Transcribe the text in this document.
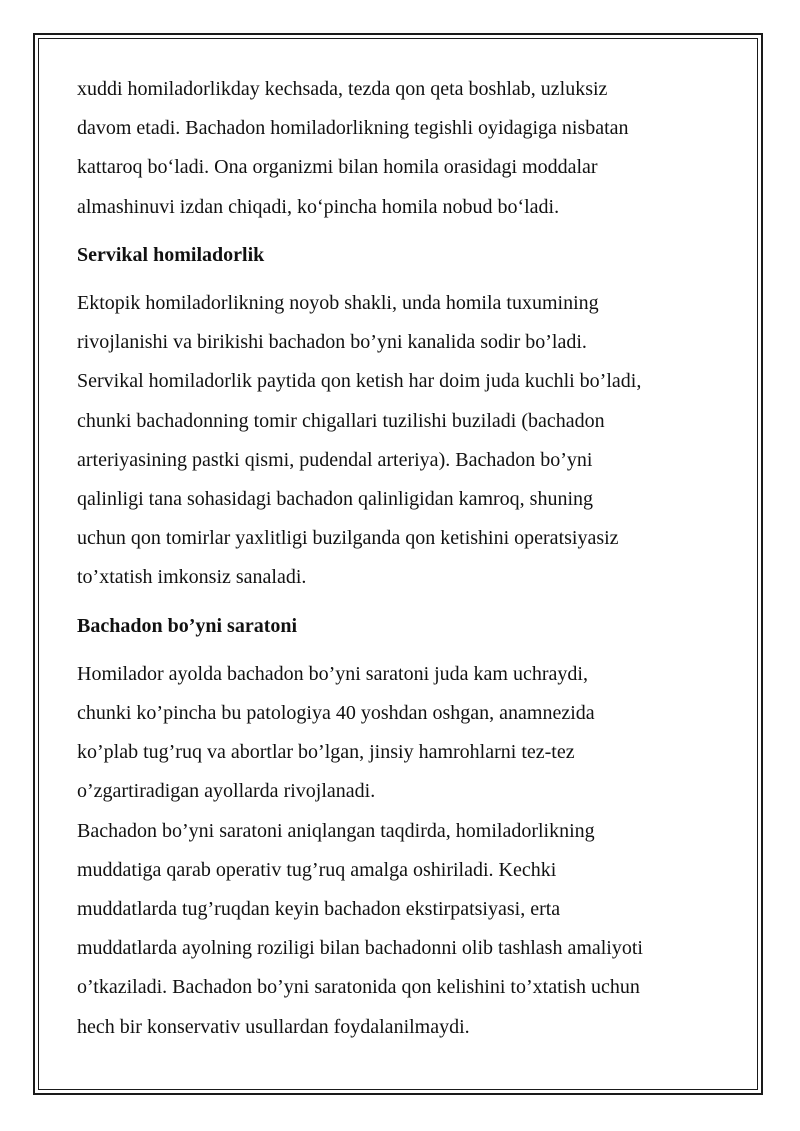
xuddi homiladorlikday kechsada, tezda qon qeta boshlab, uzluksiz
davom etadi. Bachadon homiladorlikning tegishli oyidagiga nisbatan
kattaroq bo‘ladi. Ona organizmi bilan homila orasidagi moddalar
almashinuvi izdan chiqadi, ko‘pincha homila nobud bo‘ladi.
Servikal homiladorlik
Ektopik homiladorlikning noyob shakli, unda homila tuxumining
rivojlanishi va birikishi bachadon bo’yni kanalida sodir bo’ladi.
Servikal homiladorlik paytida qon ketish har doim juda kuchli bo’ladi,
chunki bachadonning tomir chigallari tuzilishi buziladi (bachadon
arteriyasining pastki qismi, pudendal arteriya). Bachadon bo’yni
qalinligi tana sohasidagi bachadon qalinligidan kamroq, shuning
uchun qon tomirlar yaxlitligi buzilganda qon ketishini operatsiyasiz
to’xtatish imkonsiz sanaladi.
Bachadon bo’yni saratoni
Homilador ayolda bachadon bo’yni saratoni juda kam uchraydi,
chunki ko’pincha bu patologiya 40 yoshdan oshgan, anamnezida
ko’plab tug’ruq va abortlar bo’lgan, jinsiy hamrohlarni tez-tez
o’zgartiradigan ayollarda rivojlanadi.
Bachadon bo’yni saratoni aniqlangan taqdirda, homiladorlikning
muddatiga qarab operativ tug’ruq amalga oshiriladi. Kechki
muddatlarda tug’ruqdan keyin bachadon ekstirpatsiyasi, erta
muddatlarda ayolning roziligi bilan bachadonni olib tashlash amaliyoti
o’tkaziladi. Bachadon bo’yni saratonida qon kelishini to’xtatish uchun
hech bir konservativ usullardan foydalanilmaydi.
